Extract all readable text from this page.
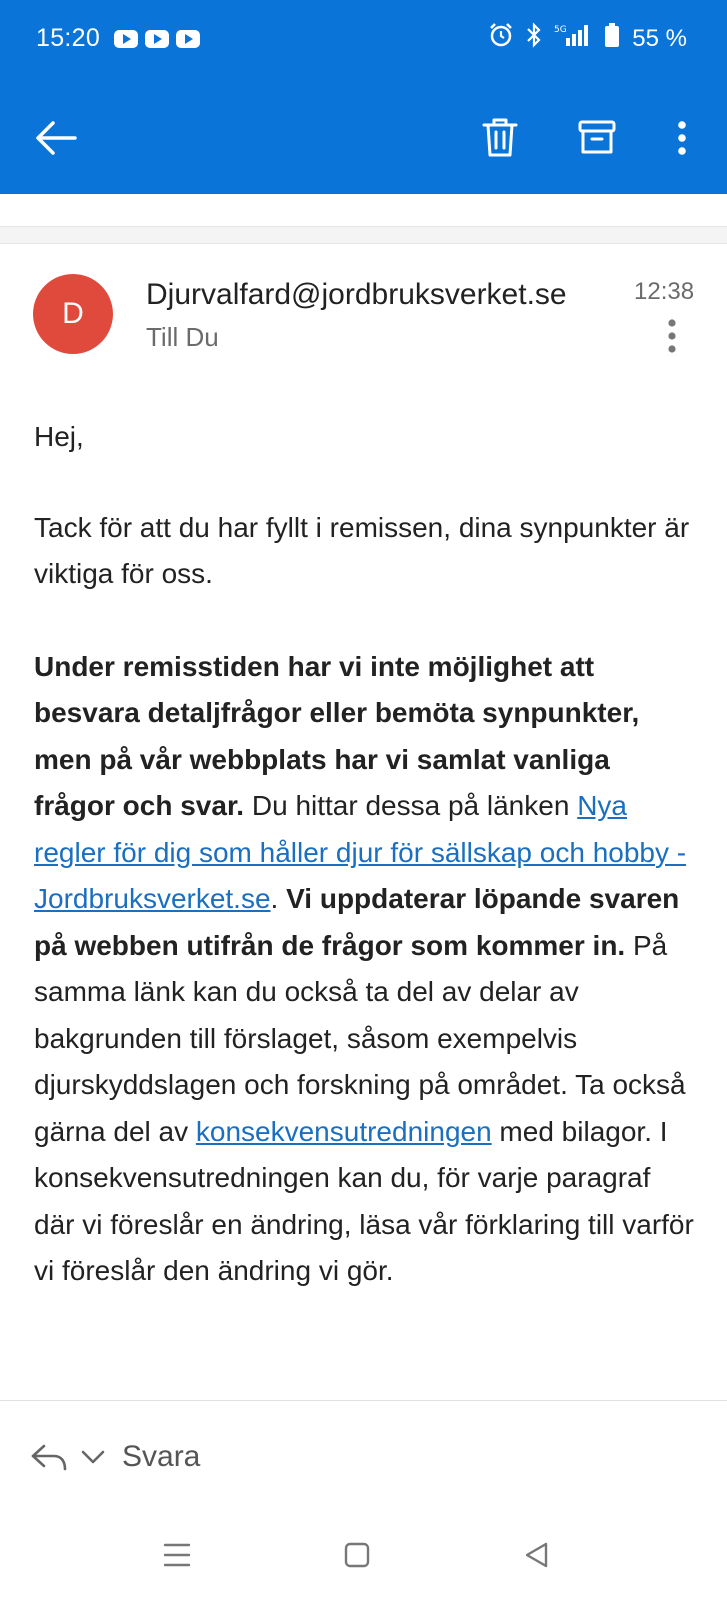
15:20	5G	55 %
D
Djurvalfard@jordbruksverket.se
Till Du
12:38

Hej,

Tack för att du har fyllt i remissen, dina synpunkter är viktiga för oss.

Under remisstiden har vi inte möjlighet att besvara detaljfrågor eller bemöta synpunkter, men på vår webbplats har vi samlat vanliga frågor och svar. Du hittar dessa på länken Nya regler för dig som håller djur för sällskap och hobby - Jordbruksverket.se. Vi uppdaterar löpande svaren på webben utifrån de frågor som kommer in. På samma länk kan du också ta del av delar av bakgrunden till förslaget, såsom exempelvis djurskyddslagen och forskning på området. Ta också gärna del av konsekvensutredningen med bilagor. I konsekvensutredningen kan du, för varje paragraf där vi föreslår en ändring, läsa vår förklaring till varför vi föreslår den ändring vi gör.

Svara
